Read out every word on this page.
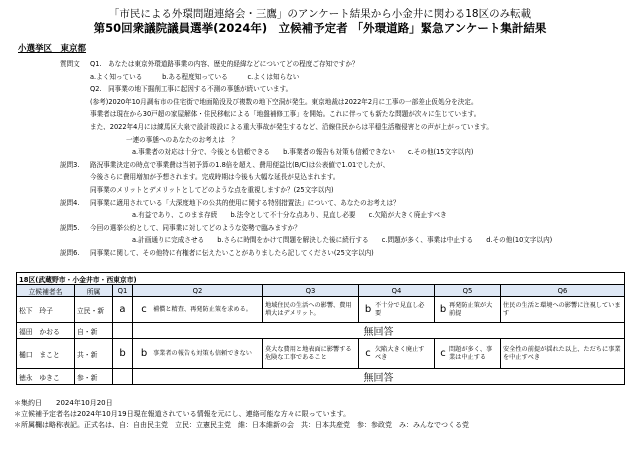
「市民による外環問題連絡会・三鷹」のアンケート結果から小金井に関わる18区のみ転載
第50回衆議院議員選挙(2024年)　立候補予定者 「外環道路」緊急アンケート集計結果
小選挙区　東京都
質問文 Q1.　あなたは東京外環道路事業の内容、歴史的経緯などについてどの程度ご存知ですか？
a.よく知っている　　　b.ある程度知っている　　　c.よくは知らない
Q2.　同事業の地下掘削工事に起因する不測の事態が続いています。
(参考)2020年10月調布市の住宅街で地面陥没及び複数の地下空洞が発生。東京地裁は2022年2月に工事の一部差止仮処分を決定。
事業者は現在から30戸超の家屋解体・住民移転による「地盤補修工事」を開始。これに伴っても新たな問題が次々に生じています。
また、2022年4月には練馬区大泉で設計竣設による重大事故が発生するなど、沿線住民からは平穏生活権侵害との声が上がっています。
一連の事態へのあなたのお考えは　？
a.事業者の対応は十分で、今後とも信頼できる　　b.事業者の報告も対策も信頼できない　　c.その他(15文字以内)
説問3. 路況事業決定の時点で事業費は当初予算の1.8倍を超え、費用便益比(B/C)は公表値で1.01でしたが、
今後さらに費用増加が予想されます。完成時期は今後も大幅な延長が見込まれます。
同事業のメリットとデメリットとしてどのような点を重視しますか？(25文字以内)
説問4. 同事業に適用されている「大深度地下の公共的使用に関する特別措置法」について、あなたのお考えは？
a.有益であり、このまま存続　　b.法令として不十分な点あり、見直し必要　　c.欠陥が大きく廃止すべき
説問5. 今回の選挙公約として、同事業に対してどのような姿勢で臨みますか？
a.計画通りに完成させる　　b.さらに時間をかけて問題を解決した後に続行する　　c.問題が多く、事業は中止する　　d.その他(10文字以内)
説問6. 同事業に関して、その他特に有権者に伝えたいことがありましたら記してください(25文字以内)
18区(武蔵野市・小金井市・西東京市)							
立候補者名	所属	Q1	Q2	Q3	Q4	Q5	Q6
松下　玲子	立民・新	a	c 補償と精査、再発防止策を求める。	地域住民の生活への影響、費用増大はデメリット。	b 不十分で見直し必要	b 再発防止策が大前提	住民の生活と環境への影響に注視しています
福田　かおる	自・新		無回答				
樋口　まこと	共・新	b	b 事業者の報告も対策も信頼できない	莫大な費用と地表面に影響する危険な工事であること	c 欠陥大きく廃止すべき	c 問題が多く、事業は中止する	安全性の前提が揺れた以上、ただちに事業を中止すべき
徳永　ゆきこ	参・新		無回答				
＊集約日　　2024年10月20日
＊立候補予定者名は2024年10月19日現在報道されている情報を元にし、連絡可能な方々に限っています。
＊所属欄は略称表記。正式名は、自：自由民主党　立民：立憲民主党　維：日本維新の会　共：日本共産党　参：参政党　み：みんなでつくる党
